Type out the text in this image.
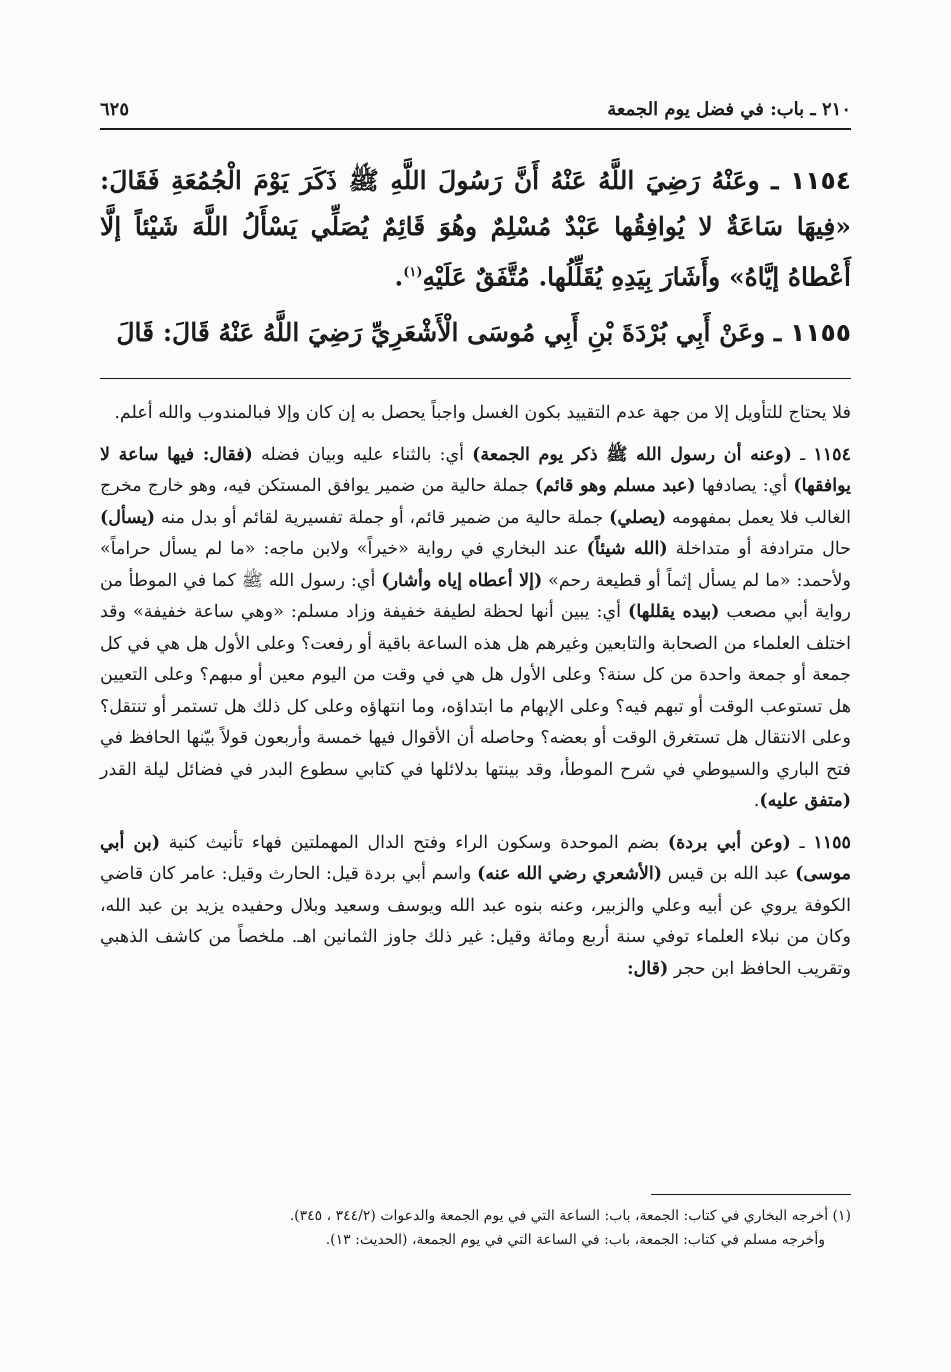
٦٢٥	٢١٠ ـ باب: في فضل يوم الجمعة

١١٥٤ ـ وعَنْهُ رَضِيَ اللَّهُ عَنْهُ أَنَّ رَسُولَ اللَّهِ ﷺ ذَكَرَ يَوْمَ الْجُمُعَةِ فَقَالَ: «فِيهَا سَاعَةٌ لا يُوافِقُها عَبْدٌ مُسْلِمٌ وهُوَ قَائِمٌ يُصَلِّي يَسْأَلُ اللَّهَ شَيْئاً إلَّا أَعْطاهُ إيَّاهُ» وأَشَارَ بِيَدِهِ يُقَلِّلُها. مُتَّفَقٌ عَلَيْهِ$^{(١)}$.

١١٥٥ ـ وعَنْ أَبِي بُرْدَةَ بْنِ أَبِي مُوسَى الْأَشْعَرِيِّ رَضِيَ اللَّهُ عَنْهُ قَالَ: قَالَ

فلا يحتاج للتأويل إلا من جهة عدم التقييد بكون الغسل واجباً يحصل به إن كان وإلا فبالمندوب والله أعلم.

١١٥٤ ـ (وعنه أن رسول الله ﷺ ذكر يوم الجمعة) أي: بالثناء عليه وبيان فضله (فقال: فيها ساعة لا يوافقها) أي: يصادفها (عبد مسلم وهو قائم) جملة حالية من ضمير يوافق المستكن فيه، وهو خارج مخرج الغالب فلا يعمل بمفهومه (يصلي) جملة حالية من ضمير قائم، أو جملة تفسيرية لقائم أو بدل منه (يسأل) حال مترادفة أو متداخلة (الله شيئاً) عند البخاري في رواية «خيراً» ولابن ماجه: «ما لم يسأل حراماً» ولأحمد: «ما لم يسأل إثماً أو قطيعة رحم» (إلا أعطاه إياه وأشار) أي: رسول الله ﷺ كما في الموطأ من رواية أبي مصعب (بيده يقللها) أي: يبين أنها لحظة لطيفة خفيفة وزاد مسلم: «وهي ساعة خفيفة» وقد اختلف العلماء من الصحابة والتابعين وغيرهم هل هذه الساعة باقية أو رفعت؟ وعلى الأول هل هي في كل جمعة أو جمعة واحدة من كل سنة؟ وعلى الأول هل هي في وقت من اليوم معين أو مبهم؟ وعلى التعيين هل تستوعب الوقت أو تبهم فيه؟ وعلى الإبهام ما ابتداؤه، وما انتهاؤه وعلى كل ذلك هل تستمر أو تنتقل؟ وعلى الانتقال هل تستغرق الوقت أو بعضه؟ وحاصله أن الأقوال فيها خمسة وأربعون قولاً بيّنها الحافظ في فتح الباري والسيوطي في شرح الموطأ، وقد بينتها بدلائلها في كتابي سطوع البدر في فضائل ليلة القدر (متفق عليه).

١١٥٥ ـ (وعن أبي بردة) بضم الموحدة وسكون الراء وفتح الدال المهملتين فهاء تأنيث كنية (بن أبي موسى) عبد الله بن قيس (الأشعري رضي الله عنه) واسم أبي بردة قيل: الحارث وقيل: عامر كان قاضي الكوفة يروي عن أبيه وعلي والزبير، وعنه بنوه عبد الله ويوسف وسعيد وبلال وحفيده يزيد بن عبد الله، وكان من نبلاء العلماء توفي سنة أربع ومائة وقيل: غير ذلك جاوز الثمانين اهـ. ملخصاً من كاشف الذهبي وتقريب الحافظ ابن حجر (قال:

(١) أخرجه البخاري في كتاب: الجمعة، باب: الساعة التي في يوم الجمعة والدعوات (٣٤٤/٢ ، ٣٤٥).

وأخرجه مسلم في كتاب: الجمعة، باب: في الساعة التي في يوم الجمعة، (الحديث: ١٣).
